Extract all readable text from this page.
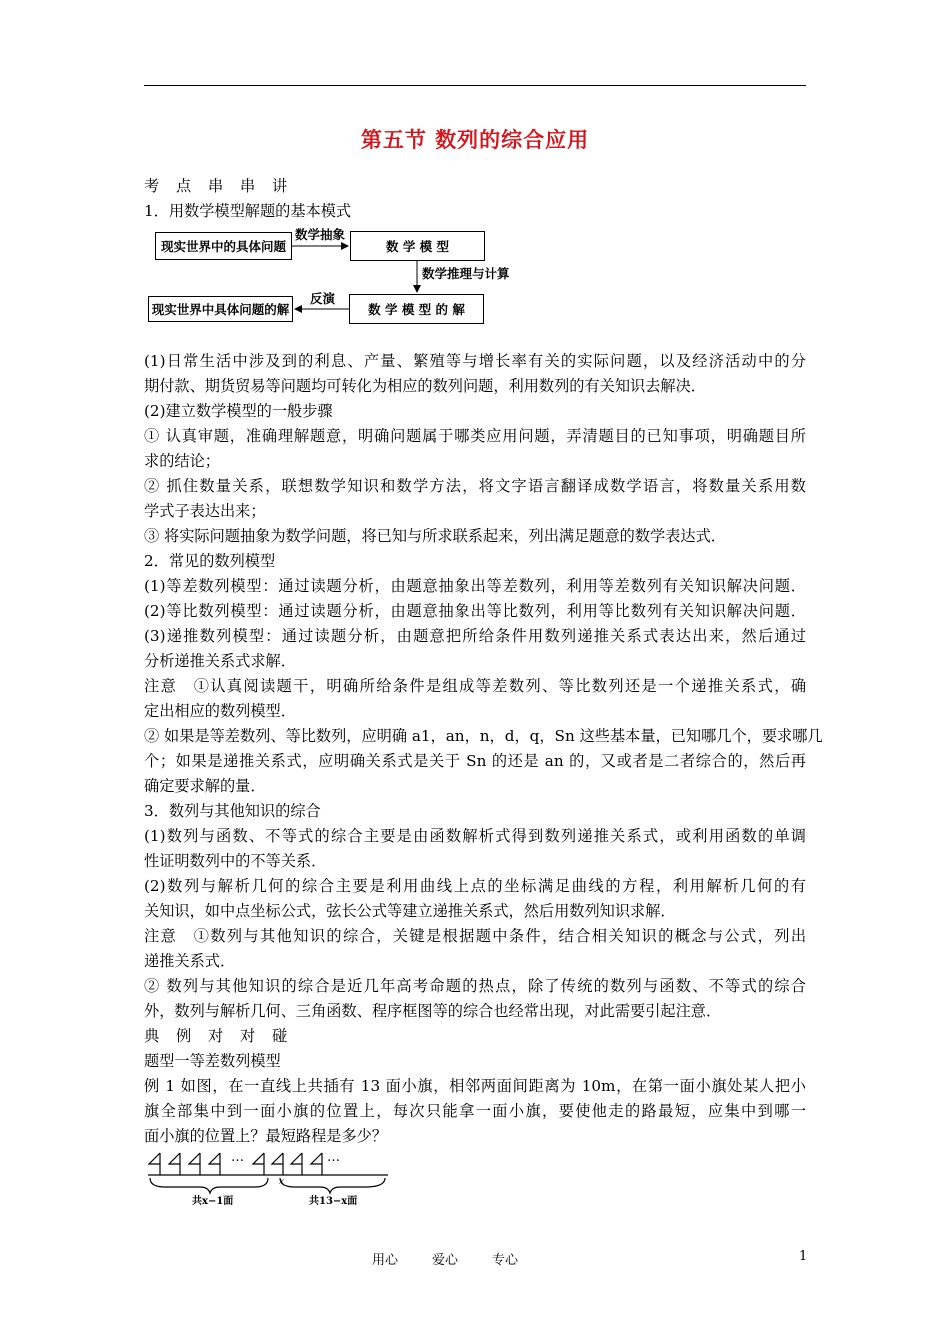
第五节 数列的综合应用
考 点 串 串 讲
1．用数学模型解题的基本模式
现实世界中的具体问题	数 学 模 型
数 学 模 型 的 解
现实世界中具体问题的解
数学抽象
数学推理与计算
反演
(1)日常生活中涉及到的利息、产量、繁殖等与增长率有关的实际问题，以及经济活动中的分
期付款、期货贸易等问题均可转化为相应的数列问题，利用数列的有关知识去解决．
(2)建立数学模型的一般步骤
① 认真审题，准确理解题意，明确问题属于哪类应用问题，弄清题目的已知事项，明确题目所
求的结论；
② 抓住数量关系，联想数学知识和数学方法，将文字语言翻译成数学语言，将数量关系用数
学式子表达出来；
③ 将实际问题抽象为数学问题，将已知与所求联系起来，列出满足题意的数学表达式．
2．常见的数列模型
(1)等差数列模型：通过读题分析，由题意抽象出等差数列，利用等差数列有关知识解决问题．
(2)等比数列模型：通过读题分析，由题意抽象出等比数列，利用等比数列有关知识解决问题．
(3)递推数列模型：通过读题分析，由题意把所给条件用数列递推关系式表达出来，然后通过
分析递推关系式求解．
注意　①认真阅读题干，明确所给条件是组成等差数列、等比数列还是一个递推关系式，确
定出相应的数列模型．
② 如果是等差数列、等比数列，应明确 a1，an，n，d，q，Sn 这些基本量，已知哪几个，要求哪几
个；如果是递推关系式，应明确关系式是关于 Sn 的还是 an 的，又或者是二者综合的，然后再
确定要求解的量．
3．数列与其他知识的综合
(1)数列与函数、不等式的综合主要是由函数解析式得到数列递推关系式，或利用函数的单调
性证明数列中的不等关系．
(2)数列与解析几何的综合主要是利用曲线上点的坐标满足曲线的方程，利用解析几何的有
关知识，如中点坐标公式，弦长公式等建立递推关系式，然后用数列知识求解．
注意　①数列与其他知识的综合，关键是根据题中条件，结合相关知识的概念与公式，列出
递推关系式．
② 数列与其他知识的综合是近几年高考命题的热点，除了传统的数列与函数、不等式的综合
外，数列与解析几何、三角函数、程序框图等的综合也经常出现，对此需要引起注意．
典 例 对 对 碰
题型一等差数列模型
例 1 如图，在一直线上共插有 13 面小旗，相邻两面间距离为 10m，在第一面小旗处某人把小
旗全部集中到一面小旗的位置上，每次只能拿一面小旗，要使他走的路最短，应集中到哪一
面小旗的位置上？最短路程是多少？
…	…
x
共x−1面	共13−x面
用心	爱心	专心	1
